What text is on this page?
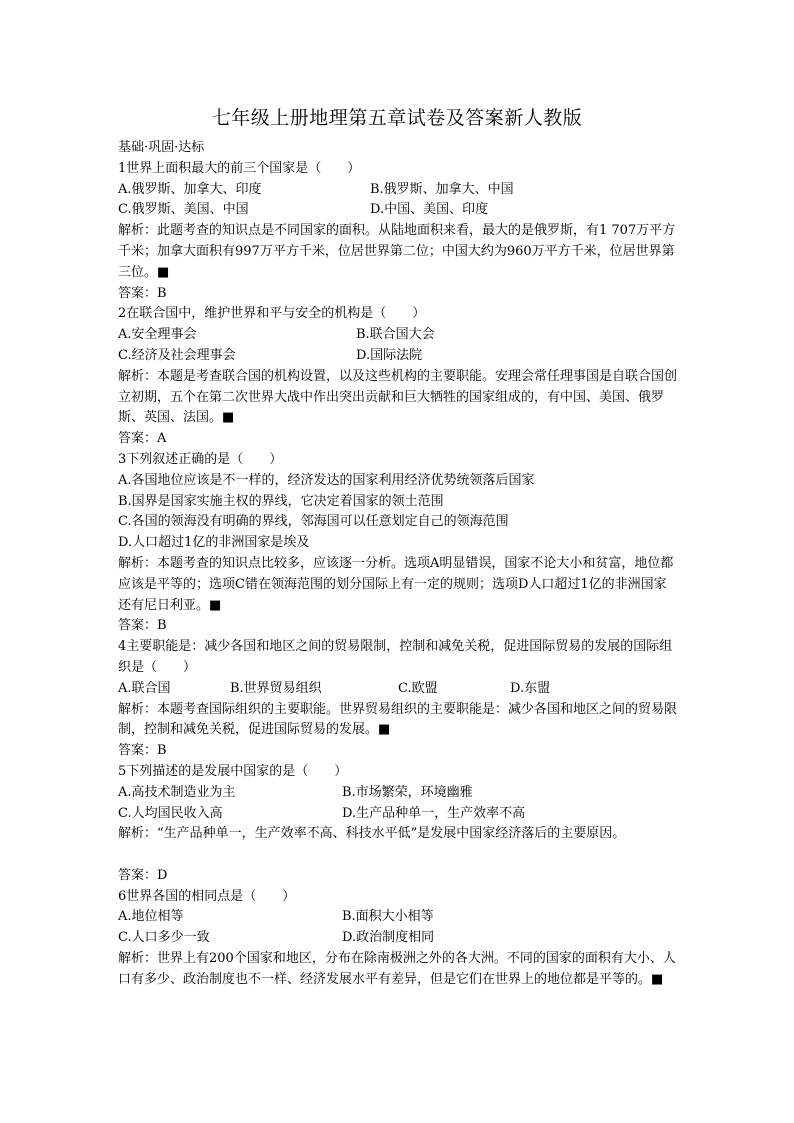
七年级上册地理第五章试卷及答案新人教版
基础·巩固·达标
1世界上面积最大的前三个国家是（　　）
A.俄罗斯、加拿大、印度	B.俄罗斯、加拿大、中国
C.俄罗斯、美国、中国	D.中国、美国、印度
解析：此题考查的知识点是不同国家的面积。从陆地面积来看，最大的是俄罗斯，有1 707万平方千米；加拿大面积有997万平方千米，位居世界第二位；中国大约为960万平方千米，位居世界第三位。■
答案：B
2在联合国中，维护世界和平与安全的机构是（　　）
A.安全理事会	B.联合国大会
C.经济及社会理事会	D.国际法院
解析：本题是考查联合国的机构设置，以及这些机构的主要职能。安理会常任理事国是自联合国创立初期，五个在第二次世界大战中作出突出贡献和巨大牺牲的国家组成的，有中国、美国、俄罗斯、英国、法国。■
答案：A
3下列叙述正确的是（　　）
A.各国地位应该是不一样的，经济发达的国家利用经济优势统领落后国家
B.国界是国家实施主权的界线，它决定着国家的领土范围
C.各国的领海没有明确的界线，邻海国可以任意划定自己的领海范围
D.人口超过1亿的非洲国家是埃及
解析：本题考查的知识点比较多，应该逐一分析。选项A明显错误，国家不论大小和贫富，地位都应该是平等的；选项C错在领海范围的划分国际上有一定的规则；选项D人口超过1亿的非洲国家还有尼日利亚。■
答案：B
4主要职能是：减少各国和地区之间的贸易限制，控制和减免关税，促进国际贸易的发展的国际组织是（　　）
A.联合国	B.世界贸易组织	C.欧盟	D.东盟
解析：本题考查国际组织的主要职能。世界贸易组织的主要职能是：减少各国和地区之间的贸易限制，控制和减免关税，促进国际贸易的发展。■
答案：B
5下列描述的是发展中国家的是（　　）
A.高技术制造业为主	B.市场繁荣，环境幽雅
C.人均国民收入高	D.生产品种单一，生产效率不高
解析：“生产品种单一，生产效率不高、科技水平低”是发展中国家经济落后的主要原因。
答案：D
6世界各国的相同点是（　　）
A.地位相等	B.面积大小相等
C.人口多少一致	D.政治制度相同
解析：世界上有200个国家和地区，分布在除南极洲之外的各大洲。不同的国家的面积有大小、人口有多少、政治制度也不一样、经济发展水平有差异，但是它们在世界上的地位都是平等的。■
